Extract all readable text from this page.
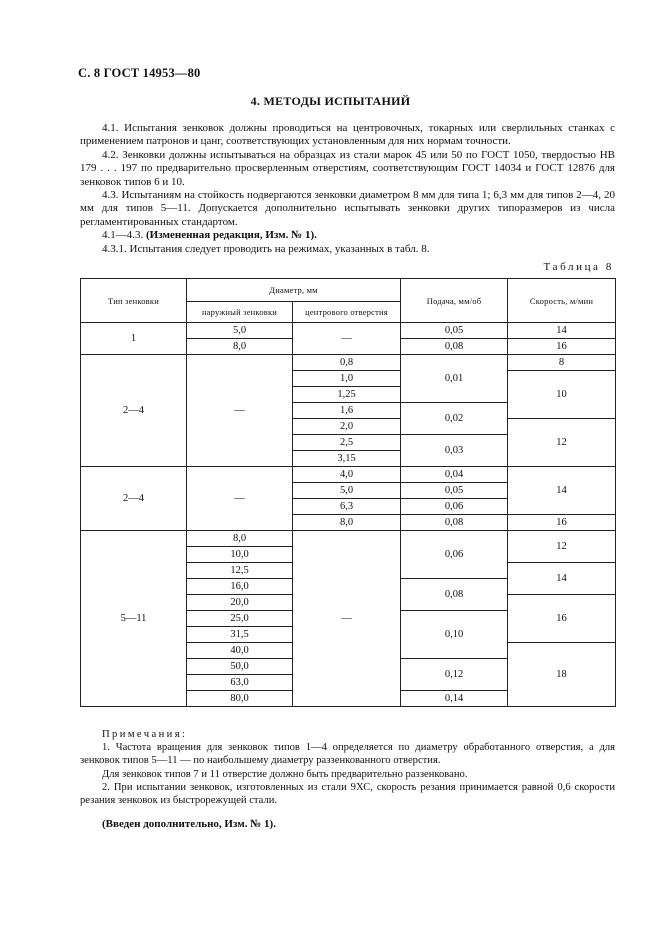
С. 8 ГОСТ 14953—80
4. МЕТОДЫ ИСПЫТАНИЙ

4.1. Испытания зенковок должны проводиться на центровочных, токарных или сверлильных станках с применением патронов и цанг, соответствующих установленным для них нормам точности.

4.2. Зенковки должны испытываться на образцах из стали марок 45 или 50 по ГОСТ 1050, твердостью НВ 179 . . . 197 по предварительно просверленным отверстиям, соответствующим ГОСТ 14034 и ГОСТ 12876 для зенковок типов 6 и 10.

4.3. Испытаниям на стойкость подвергаются зенковки диаметром 8 мм для типа 1; 6,3 мм для типов 2—4, 20 мм для типов 5—11. Допускается дополнительно испытывать зенковки других типоразмеров из числа регламентированных стандартом.

4.1—4.3. (Измененная редакция, Изм. № 1).

4.3.1. Испытания следует проводить на режимах, указанных в табл. 8.

Таблица 8
Тип зенковки	Диаметр, мм		Подача, мм/об	Скорость, м/мин
	наружный зенковки	центрового отверстия		
1	5,0	—	0,05	14
	8,0		0,08	16
2—4	—	0,8	0,01	8
		1,0		10
		1,25		
		1,6	0,02	
		2,0		12
		2,5	0,03	
		3,15		
2—4	—	4,0	0,04	14
		5,0	0,05	
		6,3	0,06	
		8,0	0,08	16
5—11	8,0	—	0,06	12
	10,0			
	12,5			14
	16,0		0,08	
	20,0			16
	25,0		0,10	
	31,5			
	40,0			18
	50,0		0,12	
	63,0			
	80,0		0,14	

Примечания:

1. Частота вращения для зенковок типов 1—4 определяется по диаметру обработанного отверстия, а для зенковок типов 5—11 — по наибольшему диаметру раззенкованного отверстия.

Для зенковок типов 7 и 11 отверстие должно быть предварительно раззенковано.

2. При испытании зенковок, изготовленных из стали 9ХС, скорость резания принимается равной 0,6 скорости резания зенковок из быстрорежущей стали.

(Введен дополнительно, Изм. № 1).
